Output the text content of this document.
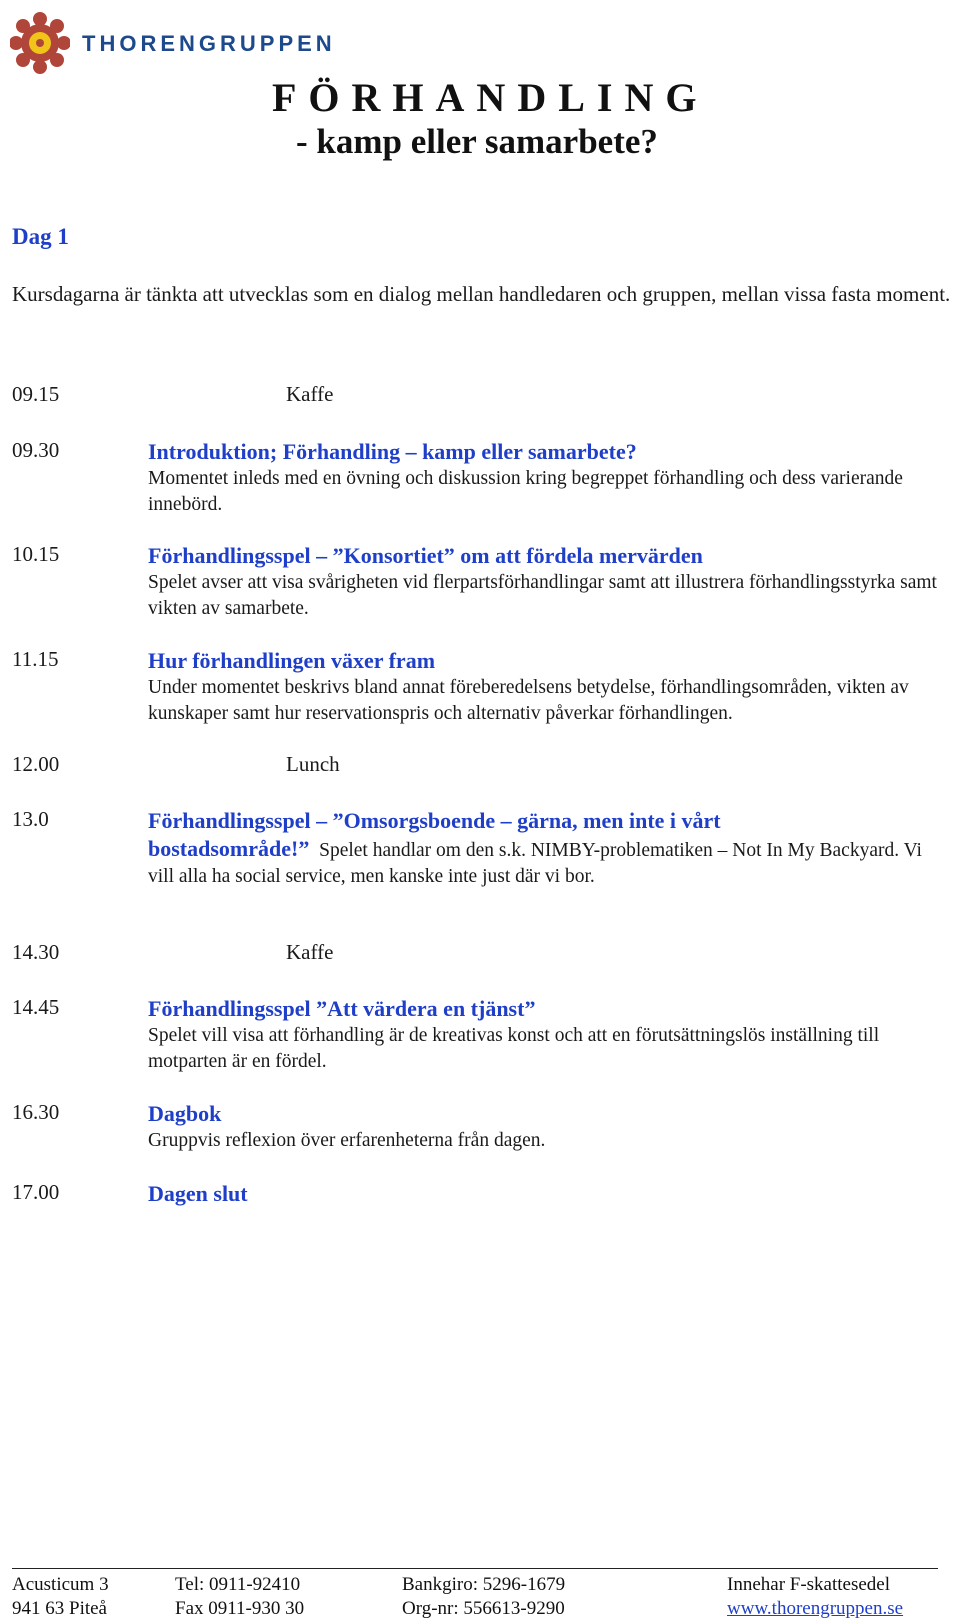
THORENGRUPPEN
FÖRHANDLING
- kamp eller samarbete?
Dag 1
Kursdagarna är tänkta att utvecklas som en dialog mellan handledaren och gruppen, mellan vissa fasta moment.
09.15	Kaffe
09.30	Introduktion; Förhandling – kamp eller samarbete?
Momentet inleds med en övning och diskussion kring begreppet förhandling och dess varierande innebörd.
10.15	Förhandlingsspel – ”Konsortiet” om att fördela mervärden
Spelet avser att visa svårigheten vid flerpartsförhandlingar samt att illustrera förhandlingsstyrka samt vikten av samarbete.
11.15	Hur förhandlingen växer fram
Under momentet beskrivs bland annat föreberedelsens betydelse, förhandlingsområden, vikten av kunskaper samt hur reservationspris och alternativ påverkar förhandlingen.
12.00	Lunch
13.0	Förhandlingsspel – ”Omsorgsboende – gärna, men inte i vårt
bostadsområde!” Spelet handlar om den s.k. NIMBY-problematiken – Not In My Backyard. Vi vill alla ha social service, men kanske inte just där vi bor.
14.30	Kaffe
14.45	Förhandlingsspel ”Att värdera en tjänst”
Spelet vill visa att förhandling är de kreativas konst och att en förutsättningslös inställning till motparten är en fördel.
16.30	Dagbok
Gruppvis reflexion över erfarenheterna från dagen.
17.00	Dagen slut
Acusticum 3
941 63 Piteå
Tel: 0911-92410
Fax 0911-930 30
Bankgiro: 5296-1679
Org-nr: 556613-9290
Innehar F-skattesedel
www.thorengruppen.se
